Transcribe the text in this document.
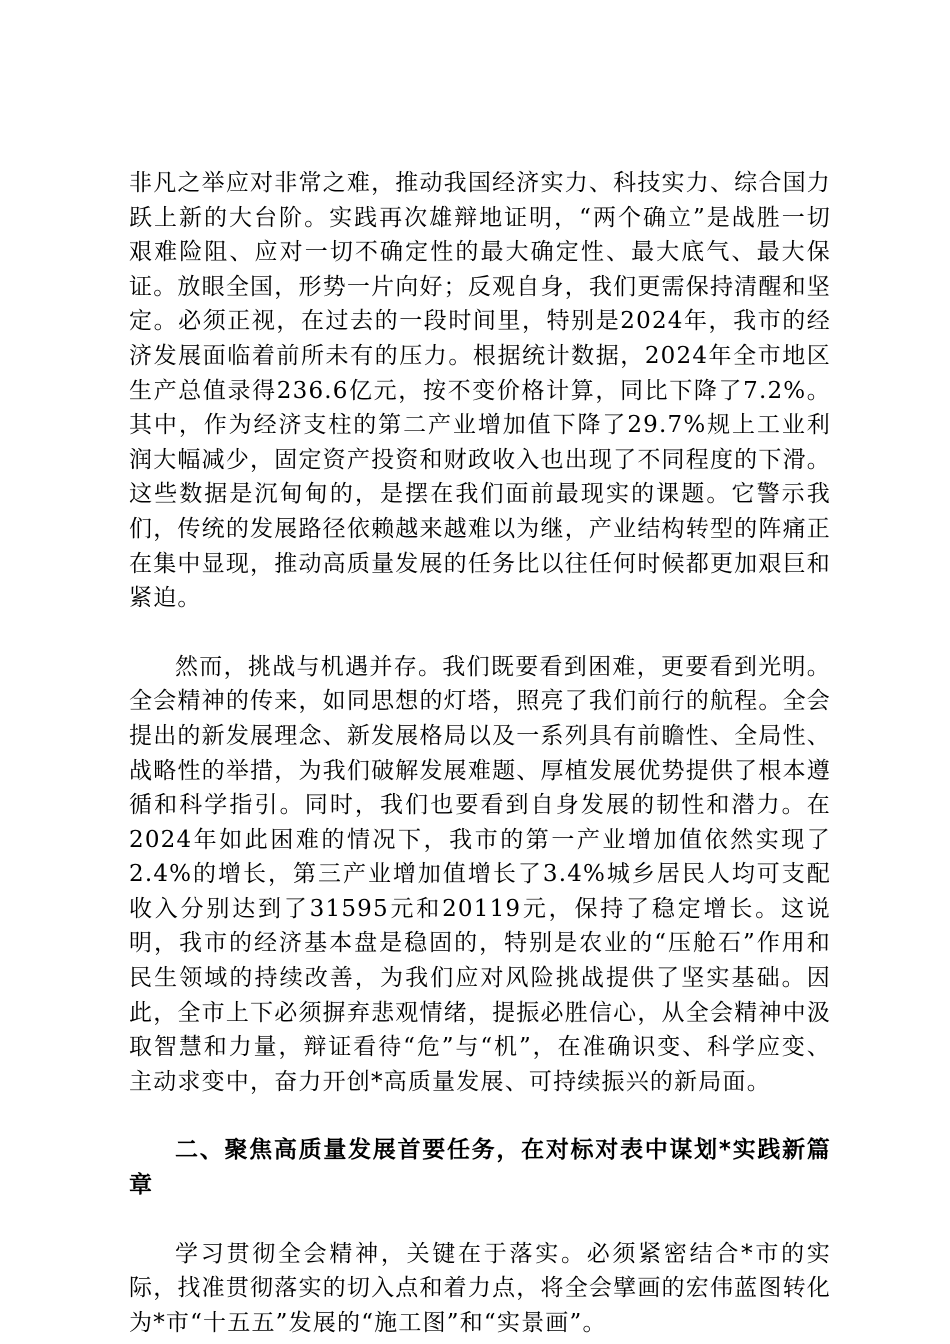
非凡之举应对非常之难，推动我国经济实力、科技实力、综合国力跃上新的大台阶。实践再次雄辩地证明，“两个确立”是战胜一切艰难险阻、应对一切不确定性的最大确定性、最大底气、最大保证。放眼全国，形势一片向好；反观自身，我们更需保持清醒和坚定。必须正视，在过去的一段时间里，特别是2024年，我市的经济发展面临着前所未有的压力。根据统计数据，2024年全市地区生产总值录得236.6亿元，按不变价格计算，同比下降了7.2%。其中，作为经济支柱的第二产业增加值下降了29.7%规上工业利润大幅减少，固定资产投资和财政收入也出现了不同程度的下滑。这些数据是沉甸甸的，是摆在我们面前最现实的课题。它警示我们，传统的发展路径依赖越来越难以为继，产业结构转型的阵痛正在集中显现，推动高质量发展的任务比以往任何时候都更加艰巨和紧迫。

然而，挑战与机遇并存。我们既要看到困难，更要看到光明。全会精神的传来，如同思想的灯塔，照亮了我们前行的航程。全会提出的新发展理念、新发展格局以及一系列具有前瞻性、全局性、战略性的举措，为我们破解发展难题、厚植发展优势提供了根本遵循和科学指引。同时，我们也要看到自身发展的韧性和潜力。在2024年如此困难的情况下，我市的第一产业增加值依然实现了2.4%的增长，第三产业增加值增长了3.4%城乡居民人均可支配收入分别达到了31595元和20119元，保持了稳定增长。这说明，我市的经济基本盘是稳固的，特别是农业的“压舱石”作用和民生领域的持续改善，为我们应对风险挑战提供了坚实基础。因此，全市上下必须摒弃悲观情绪，提振必胜信心，从全会精神中汲取智慧和力量，辩证看待“危”与“机”，在准确识变、科学应变、主动求变中，奋力开创*高质量发展、可持续振兴的新局面。

二、聚焦高质量发展首要任务，在对标对表中谋划*实践新篇章

学习贯彻全会精神，关键在于落实。必须紧密结合*市的实际，找准贯彻落实的切入点和着力点，将全会擘画的宏伟蓝图转化为*市“十五五”发展的“施工图”和“实景画”。
